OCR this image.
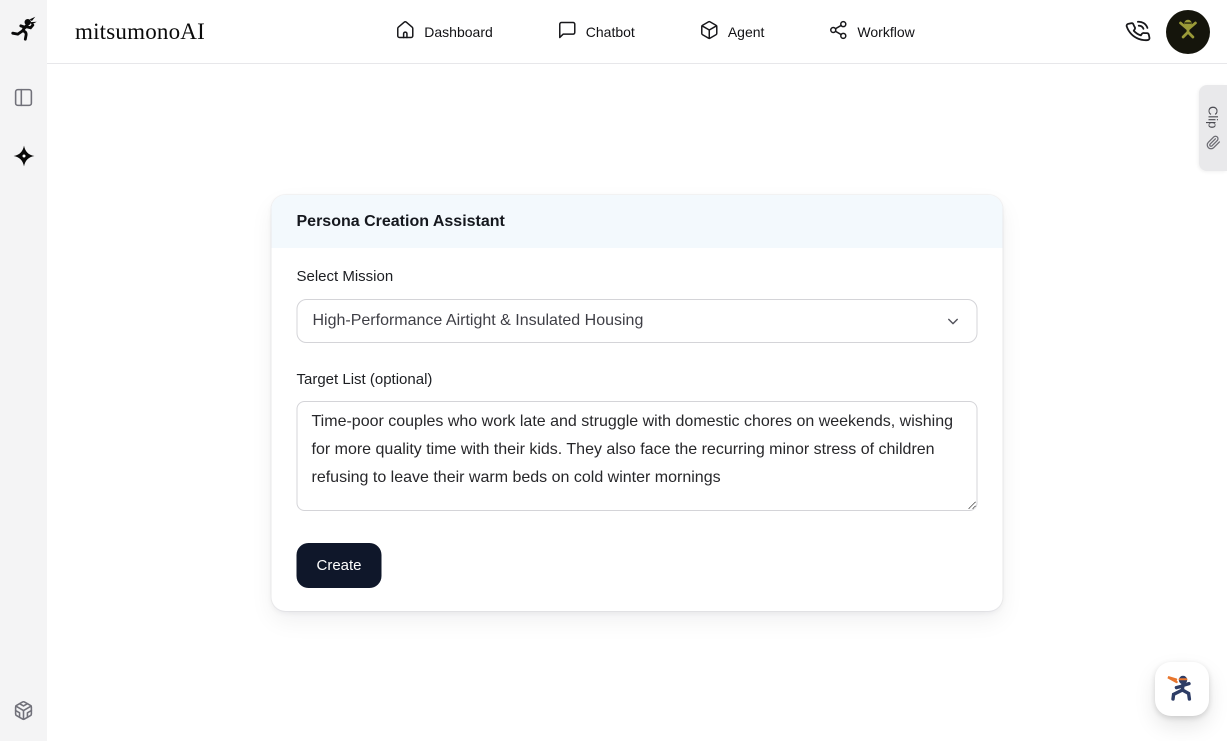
mitsumonoAI	Dashboard	Chatbot	Agent	Workflow
Persona Creation Assistant
Select Mission
High-Performance Airtight & Insulated Housing
Target List (optional)
Time-poor couples who work late and struggle with domestic chores on weekends, wishing for more quality time with their kids. They also face the recurring minor stress of children refusing to leave their warm beds on cold winter mornings Create
Clip
